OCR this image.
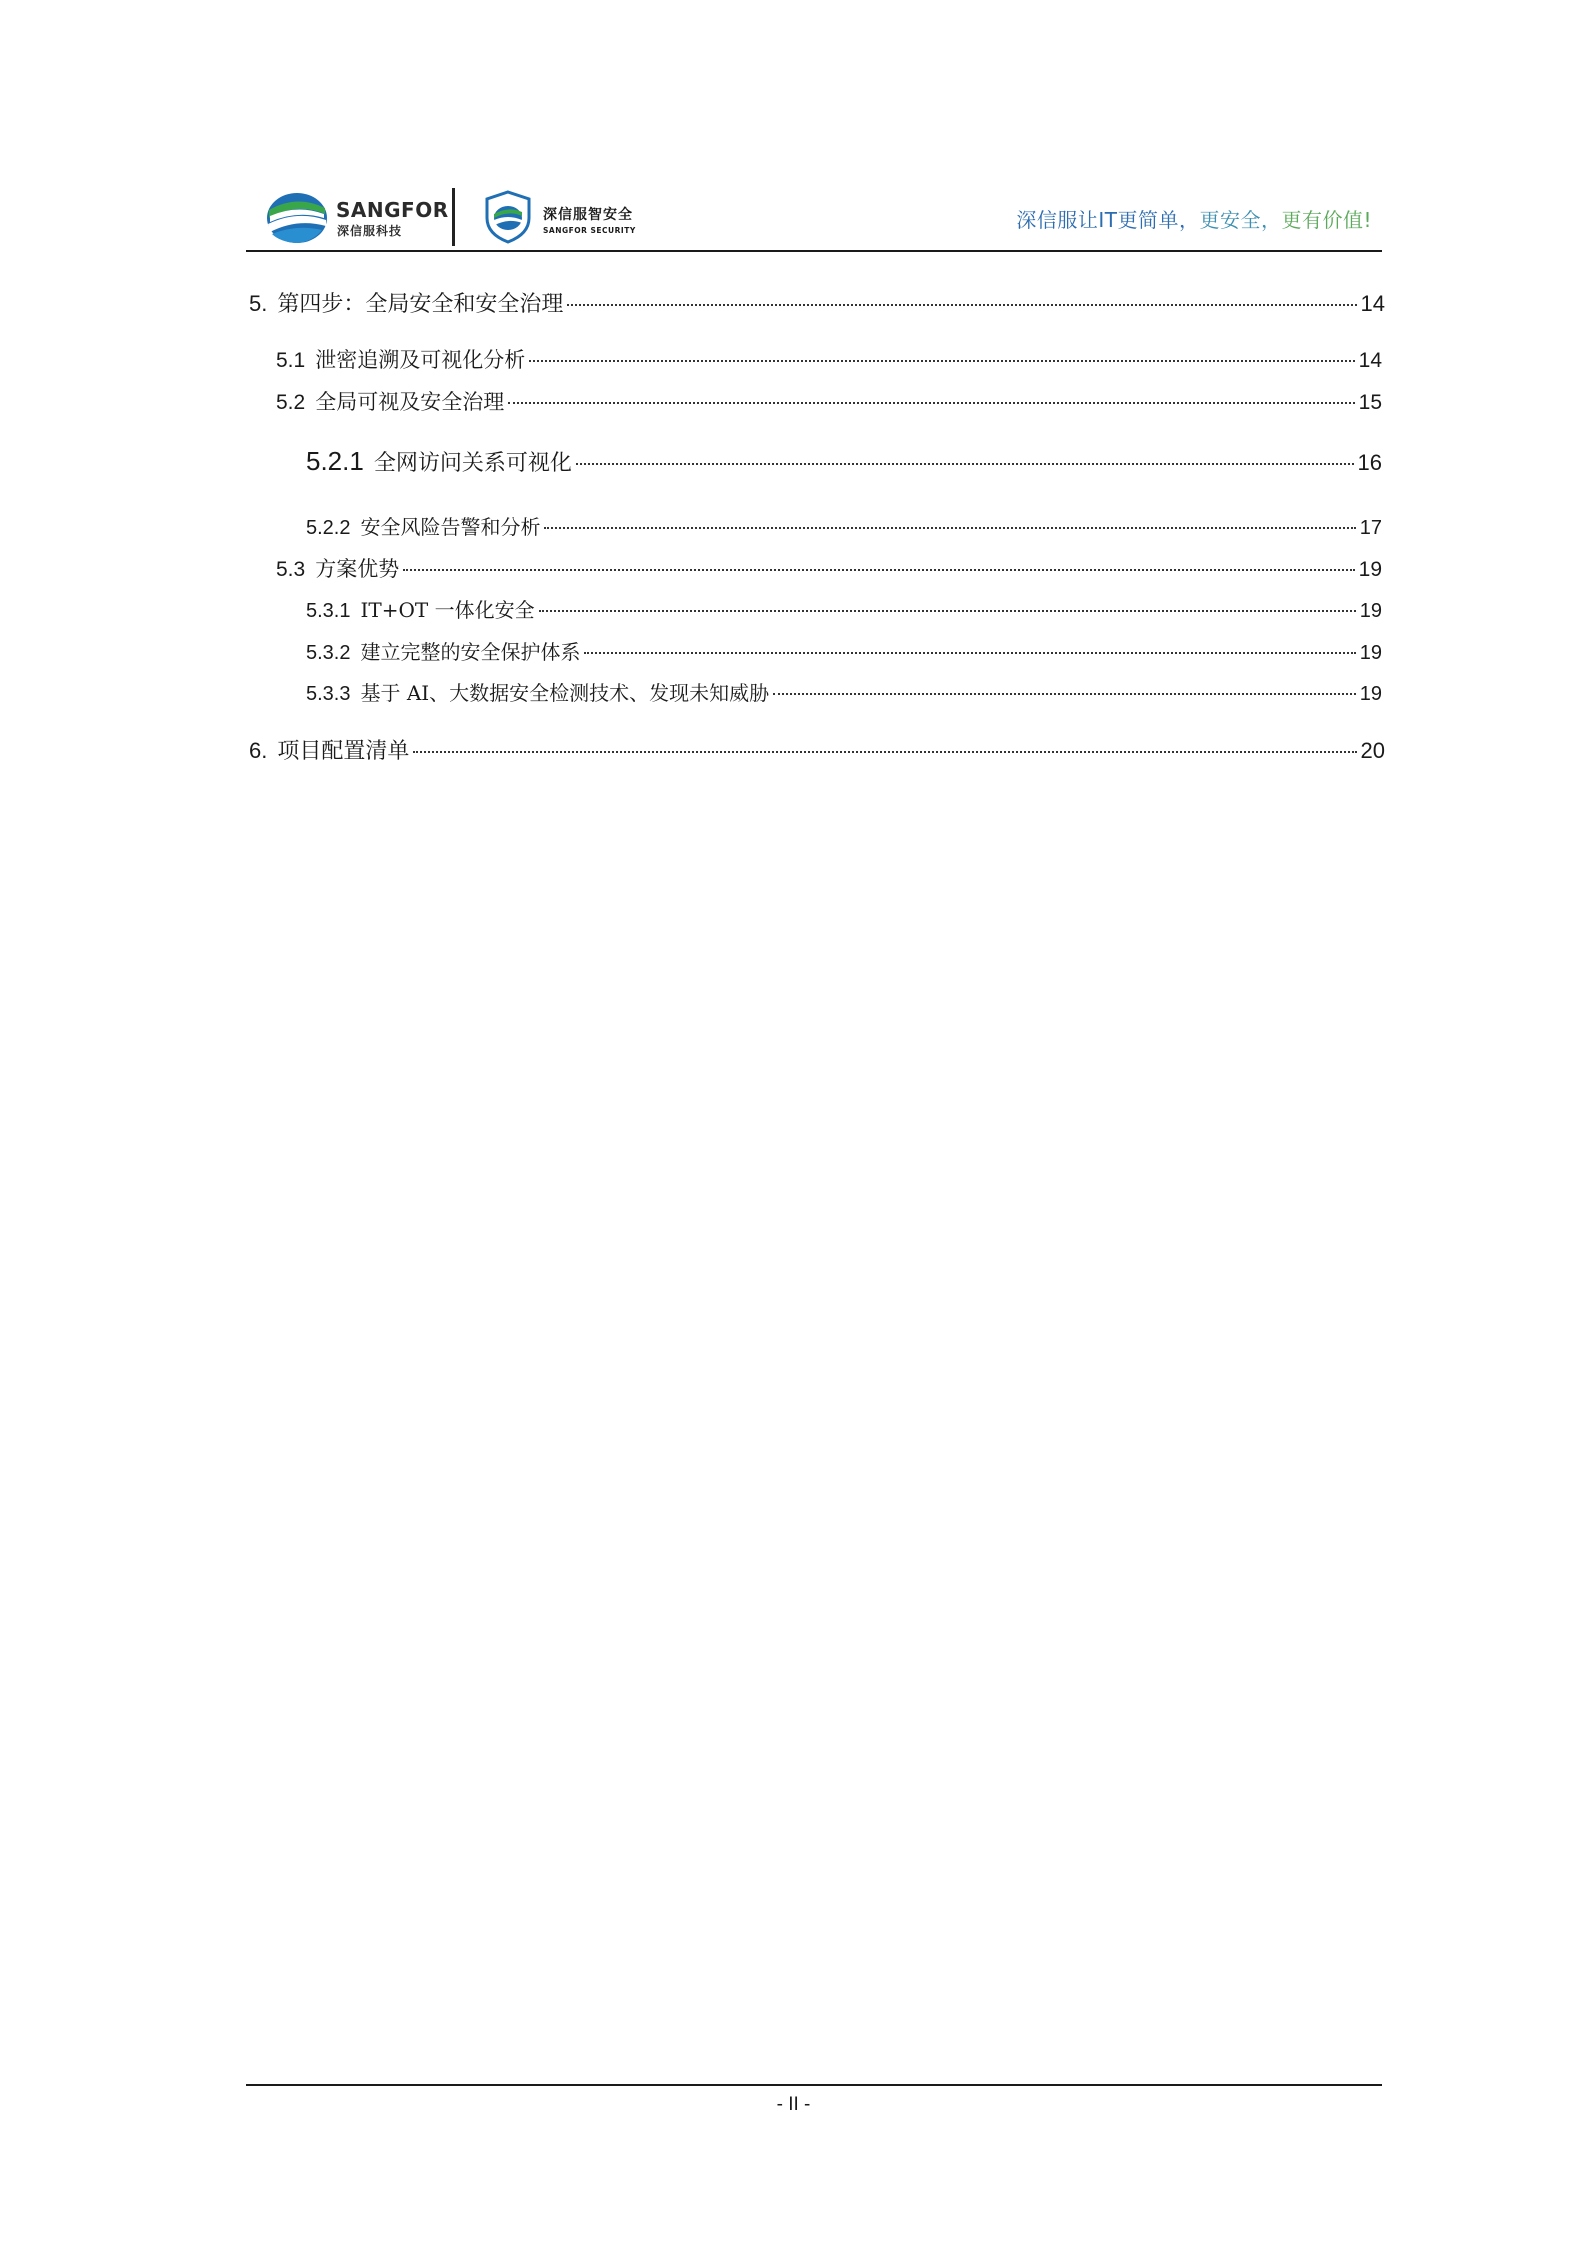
SANGFOR
深信服科技
深信服智安全
SANGFOR SECURITY	深信服让IT更简单，更安全，更有价值!
5. 第四步：全局安全和安全治理	14
5.1 泄密追溯及可视化分析	14
5.2 全局可视及安全治理	15
5.2.1 全网访问关系可视化	16
5.2.2 安全风险告警和分析	17
5.3 方案优势	19
5.3.1 IT+OT 一体化安全	19
5.3.2 建立完整的安全保护体系	19
5.3.3 基于 AI、大数据安全检测技术、发现未知威胁	19
6. 项目配置清单	20
- II -
